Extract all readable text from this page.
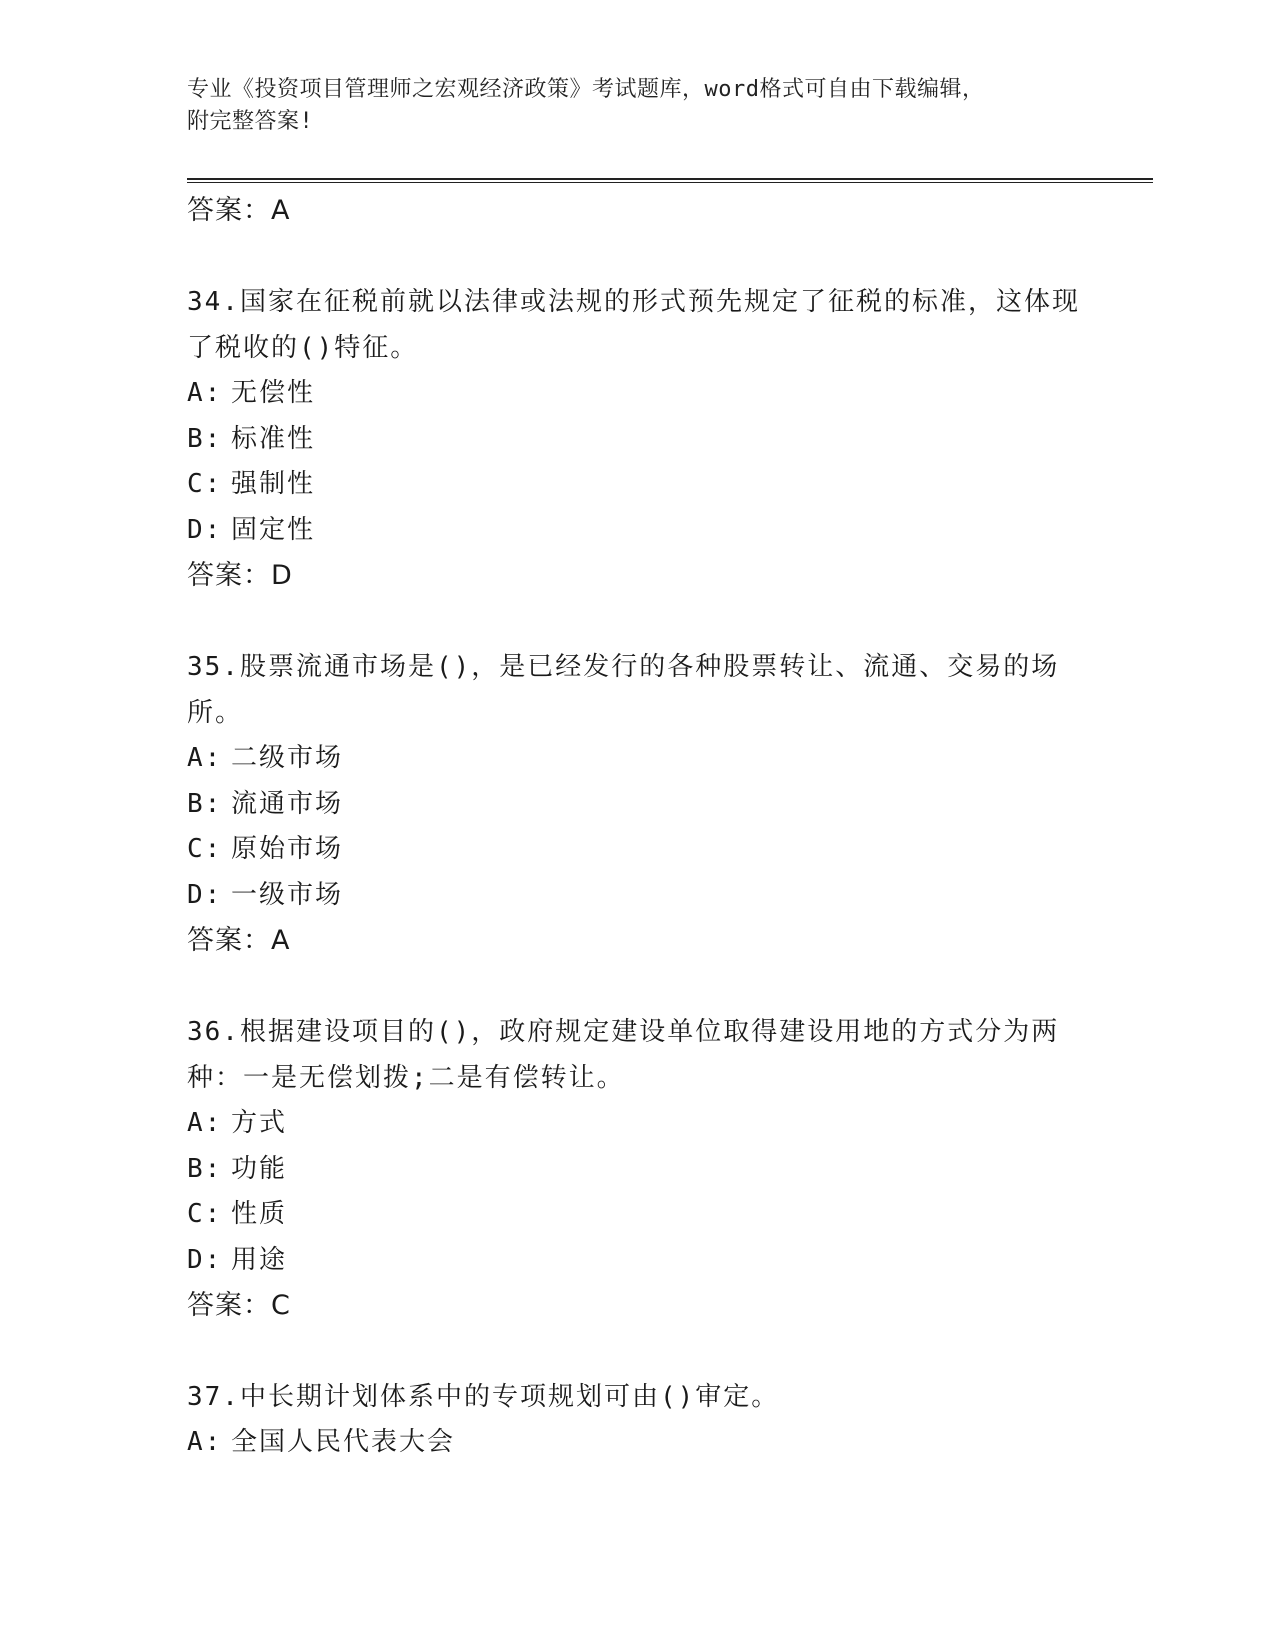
专业《投资项目管理师之宏观经济政策》考试题库，word格式可自由下载编辑，
附完整答案!
答案：A
34.国家在征税前就以法律或法规的形式预先规定了征税的标准，这体现了税收的()特征。
A: 无偿性
B: 标准性
C: 强制性
D: 固定性
答案：D
35.股票流通市场是()，是已经发行的各种股票转让、流通、交易的场所。
A: 二级市场
B: 流通市场
C: 原始市场
D: 一级市场
答案：A
36.根据建设项目的()，政府规定建设单位取得建设用地的方式分为两种：一是无偿划拨;二是有偿转让。
A: 方式
B: 功能
C: 性质
D: 用途
答案：C
37.中长期计划体系中的专项规划可由()审定。
A: 全国人民代表大会
